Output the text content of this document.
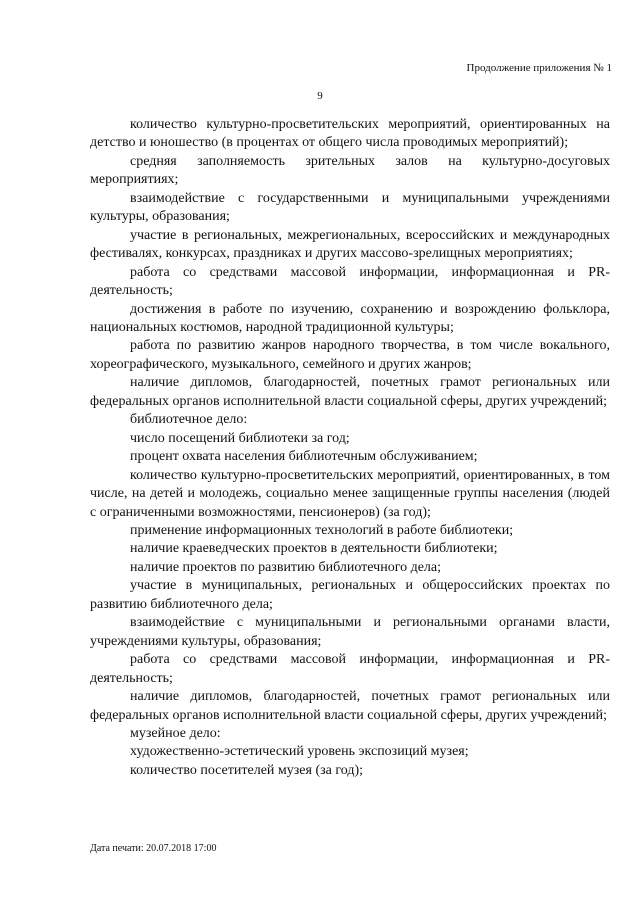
Продолжение приложения № 1
9

количество культурно-просветительских мероприятий, ориентированных на детство и юношество (в процентах от общего числа проводимых мероприятий);

средняя заполняемость зрительных залов на культурно-досуговых мероприятиях;

взаимодействие с государственными и муниципальными учреждениями культуры, образования;

участие в региональных, межрегиональных, всероссийских и международных фестивалях, конкурсах, праздниках и других массово-зрелищных мероприятиях;

работа со средствами массовой информации, информационная и PR-деятельность;

достижения в работе по изучению, сохранению и возрождению фольклора, национальных костюмов, народной традиционной культуры;

работа по развитию жанров народного творчества, в том числе вокального, хореографического, музыкального, семейного и других жанров;

наличие дипломов, благодарностей, почетных грамот региональных или федеральных органов исполнительной власти социальной сферы, других учреждений;

библиотечное дело:

число посещений библиотеки за год;

процент охвата населения библиотечным обслуживанием;

количество культурно-просветительских мероприятий, ориентированных, в том числе, на детей и молодежь, социально менее защищенные группы населения (людей с ограниченными возможностями, пенсионеров) (за год);

применение информационных технологий в работе библиотеки;

наличие краеведческих проектов в деятельности библиотеки;

наличие проектов по развитию библиотечного дела;

участие в муниципальных, региональных и общероссийских проектах по развитию библиотечного дела;

взаимодействие с муниципальными и региональными органами власти, учреждениями культуры, образования;

работа со средствами массовой информации, информационная и PR-деятельность;

наличие дипломов, благодарностей, почетных грамот региональных или федеральных органов исполнительной власти социальной сферы, других учреждений;

музейное дело:

художественно-эстетический уровень экспозиций музея;

количество посетителей музея (за год);

Дата печати: 20.07.2018 17:00
